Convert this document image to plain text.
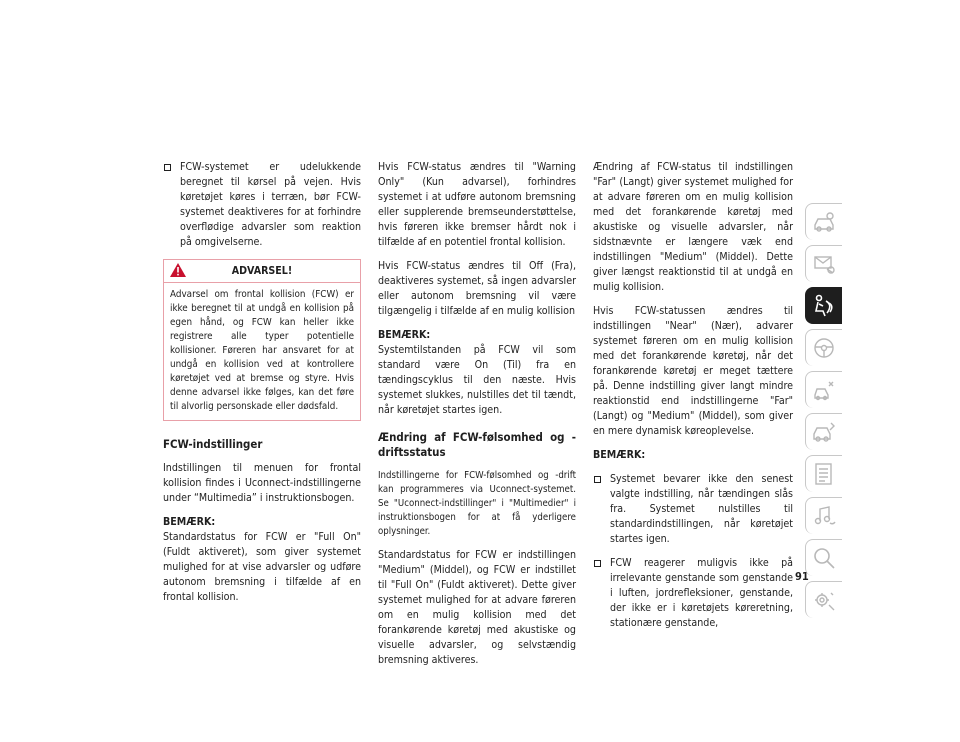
FCW-systemet er udelukkende beregnet til kørsel på vejen. Hvis køretøjet køres i terræn, bør FCW-systemet deaktiveres for at forhindre overflødige advarsler som reaktion på omgivelserne.
ADVARSEL!
Advarsel om frontal kollision (FCW) er ikke beregnet til at undgå en kollision på egen hånd, og FCW kan heller ikke registrere alle typer potentielle kollisioner. Føreren har ansvaret for at undgå en kollision ved at kontrollere køretøjet ved at bremse og styre. Hvis denne advarsel ikke følges, kan det føre til alvorlig personskade eller dødsfald.
FCW-indstillinger

Indstillingen til menuen for frontal kollision findes i Uconnect-indstillingerne under “Multimedia” i instruktionsbogen.

BEMÆRK:

Standardstatus for FCW er "Full On" (Fuldt aktiveret), som giver systemet mulighed for at vise advarsler og udføre autonom bremsning i tilfælde af en frontal kollision.

Hvis FCW-status ændres til "Warning Only" (Kun advarsel), forhindres systemet i at udføre autonom bremsning eller supplerende bremseunderstøttelse, hvis føreren ikke bremser hårdt nok i tilfælde af en potentiel frontal kollision.

Hvis FCW-status ændres til Off (Fra), deaktiveres systemet, så ingen advarsler eller autonom bremsning vil være tilgængelig i tilfælde af en mulig kollision

BEMÆRK:

Systemtilstanden på FCW vil som standard være On (Til) fra en tændingscyklus til den næste. Hvis systemet slukkes, nulstilles det til tændt, når køretøjet startes igen.

Ændring af FCW-følsomhed og -driftsstatus

Indstillingerne for FCW-følsomhed og -drift kan programmeres via Uconnect-systemet. Se "Uconnect-indstillinger" i "Multimedier" i instruktionsbogen for at få yderligere oplysninger.

Standardstatus for FCW er indstillingen "Medium" (Middel), og FCW er indstillet til "Full On" (Fuldt aktiveret). Dette giver systemet mulighed for at advare føreren om en mulig kollision med det forankørende køretøj med akustiske og visuelle advarsler, og selvstændig bremsning aktiveres.

Ændring af FCW-status til indstillingen "Far" (Langt) giver systemet mulighed for at advare føreren om en mulig kollision med det forankørende køretøj med akustiske og visuelle advarsler, når sidstnævnte er længere væk end indstillingen "Medium" (Middel). Dette giver længst reaktionstid til at undgå en mulig kollision.

Hvis FCW-statussen ændres til indstillingen "Near" (Nær), advarer systemet føreren om en mulig kollision med det forankørende køretøj, når det forankørende køretøj er meget tættere på. Denne indstilling giver langt mindre reaktionstid end indstillingerne "Far" (Langt) og "Medium" (Middel), som giver en mere dynamisk køreoplevelse.

BEMÆRK:

Systemet bevarer ikke den senest valgte indstilling, når tændingen slås fra. Systemet nulstilles til standardindstillingen, når køretøjet startes igen.
FCW reagerer muligvis ikke på irrelevante genstande som genstande i luften, jordrefleksioner, genstande, der ikke er i køretøjets køreretning, stationære genstande,
91
